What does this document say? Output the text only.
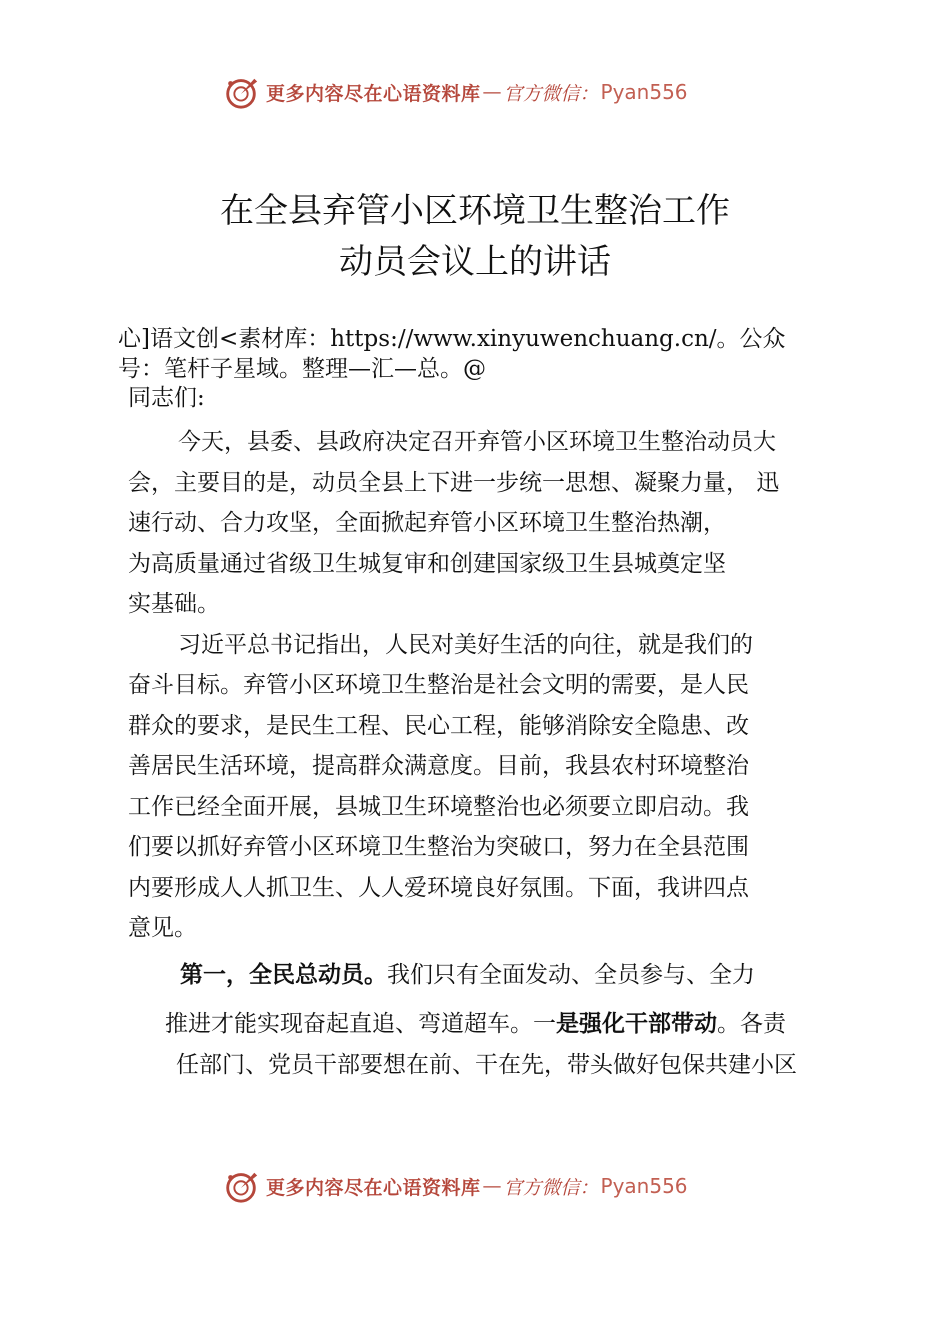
更多内容尽在心语资料库 — 官方微信： Pyan556
在全县弃管小区环境卫生整治工作
动员会议上的讲话
心]语文创<素材库：https://www.xinyuwenchuang.cn/。公众
号：笔杆子星域。整理—汇—总。@
同志们:
今天，县委、县政府决定召开弃管小区环境卫生整治动员大
会，主要目的是，动员全县上下进一步统一思想、凝聚力量， 迅
速行动、合力攻坚，全面掀起弃管小区环境卫生整治热潮，
为高质量通过省级卫生城复审和创建国家级卫生县城奠定坚
实基础。
习近平总书记指出，人民对美好生活的向往，就是我们的
奋斗目标。弃管小区环境卫生整治是社会文明的需要，是人民
群众的要求，是民生工程、民心工程，能够消除安全隐患、改
善居民生活环境，提高群众满意度。目前，我县农村环境整治
工作已经全面开展，县城卫生环境整治也必须要立即启动。我
们要以抓好弃管小区环境卫生整治为突破口，努力在全县范围
内要形成人人抓卫生、人人爱环境良好氛围。下面，我讲四点
意见。
第一，全民总动员。我们只有全面发动、全员参与、全力
推进才能实现奋起直追、弯道超车。一是强化干部带动。各责
任部门、党员干部要想在前、干在先，带头做好包保共建小区
更多内容尽在心语资料库 — 官方微信： Pyan556
